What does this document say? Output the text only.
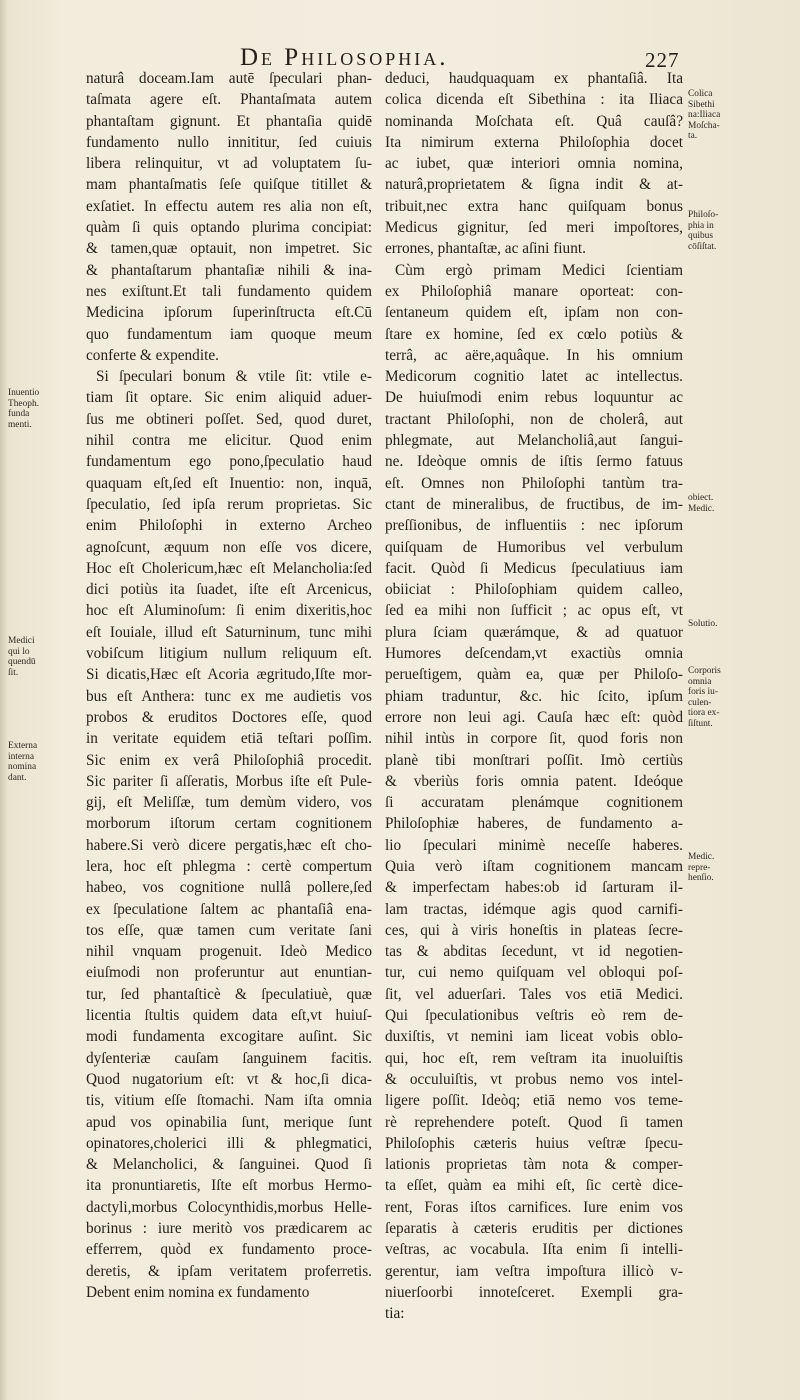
De Philosophia.	227
naturâ doceam.Iam autē ſpeculari phan-
taſmata agere eſt. Phantaſmata autem
phantaſtam gignunt. Et phantaſia quidē
fundamento nullo innititur, ſed cuiuis
libera relinquitur, vt ad voluptatem ſu-
mam phantaſmatis ſeſe quiſque titillet &
exſatiet. In effectu autem res alia non eſt,
quàm ſi quis optando plurima concipiat:
& tamen,quæ optauit, non impetret. Sic
& phantaſtarum phantaſiæ nihili & ina-
nes exiſtunt.Et tali fundamento quidem
Medicina ipſorum ſuperinſtructa eſt.Cū
quo fundamentum iam quoque meum
conferte & expendite.
Si ſpeculari bonum & vtile ſit: vtile e-
tiam ſit optare. Sic enim aliquid aduer-
ſus me obtineri poſſet. Sed, quod duret,
nihil contra me elicitur. Quod enim
fundamentum ego pono,ſpeculatio haud
quaquam eſt,ſed eſt Inuentio: non, inquā,
ſpeculatio, ſed ipſa rerum proprietas. Sic
enim Philoſophi in externo Archeo
agnoſcunt, æquum non eſſe vos dicere,
Hoc eſt Cholericum,hæc eſt Melancholia:ſed
dici potiùs ita ſuadet, iſte eſt Arcenicus,
hoc eſt Aluminoſum: ſi enim dixeritis,hoc
eſt Iouiale, illud eſt Saturninum, tunc mihi
vobiſcum litigium nullum reliquum eſt.
Si dicatis,Hæc eſt Acoria ægritudo,Iſte mor-
bus eſt Anthera: tunc ex me audietis vos
probos & eruditos Doctores eſſe, quod
in veritate equidem etiā teſtari poſſim.
Sic enim ex verâ Philoſophiâ procedit.
Sic pariter ſi aſſeratis, Morbus iſte eſt Pule-
gij, eſt Meliſſæ, tum demùm videro, vos
morborum iſtorum certam cognitionem
habere.Si verò dicere pergatis,hæc eſt cho-
lera, hoc eſt phlegma : certè compertum
habeo, vos cognitione nullâ pollere,ſed
ex ſpeculatione ſaltem ac phantaſiâ ena-
tos eſſe, quæ tamen cum veritate ſani
nihil vnquam progenuit. Ideò Medico
eiuſmodi non proferuntur aut enuntian-
tur, ſed phantaſticè & ſpeculatiuè, quæ
licentia ſtultis quidem data eſt,vt huiuſ-
modi fundamenta excogitare auſint. Sic
dyſenteriæ cauſam ſanguinem facitis.
Quod nugatorium eſt: vt & hoc,ſi dica-
tis, vitium eſſe ſtomachi. Nam iſta omnia
apud vos opinabilia ſunt, merique ſunt
opinatores,cholerici illi & phlegmatici,
& Melancholici, & ſanguinei. Quod ſi
ita pronuntiaretis, Iſte eſt morbus Hermo-
dactyli,morbus Colocynthidis,morbus Helle-
borinus : iure meritò vos prædicarem ac
efferrem, quòd ex fundamento proce-
deretis, & ipſam veritatem proferretis.
Debent enim nomina ex fundamento
deduci, haudquaquam ex phantaſiâ. Ita
colica dicenda eſt Sibethina : ita Iliaca
nominanda Moſchata eſt. Quâ cauſâ?
Ita nimirum externa Philoſophia docet
ac iubet, quæ interiori omnia nomina,
naturâ,proprietatem & ſigna indit & at-
tribuit,nec extra hanc quiſquam bonus
Medicus gignitur, ſed meri impoſtores,
errones, phantaſtæ, ac aſini fiunt.
Cùm ergò primam Medici ſcientiam
ex Philoſophiâ manare oporteat: con-
ſentaneum quidem eſt, ipſam non con-
ſtare ex homine, ſed ex cœlo potiùs &
terrâ, ac aëre,aquâque. In his omnium
Medicorum cognitio latet ac intellectus.
De huiuſmodi enim rebus loquuntur ac
tractant Philoſophi, non de cholerâ, aut
phlegmate, aut Melancholiâ,aut ſangui-
ne. Ideòque omnis de iſtis ſermo fatuus
eſt. Omnes non Philoſophi tantùm tra-
ctant de mineralibus, de fructibus, de im-
preſſionibus, de influentiis : nec ipſorum
quiſquam de Humoribus vel verbulum
facit. Quòd ſi Medicus ſpeculatiuus iam
obiiciat : Philoſophiam quidem calleo,
ſed ea mihi non ſufficit ; ac opus eſt, vt
plura ſciam quærámque, & ad quatuor
Humores deſcendam,vt exactiùs omnia
perueſtigem, quàm ea, quæ per Philoſo-
phiam traduntur, &c. hic ſcito, ipſum
errore non leui agi. Cauſa hæc eſt: quòd
nihil intùs in corpore ſit, quod foris non
planè tibi monſtrari poſſit. Imò certiùs
& vberiùs foris omnia patent. Ideóque
ſi accuratam plenámque cognitionem
Philoſophiæ haberes, de fundamento a-
lio ſpeculari minimè neceſſe haberes.
Quia verò iſtam cognitionem mancam
& imperfectam habes:ob id ſarturam il-
lam tractas, idémque agis quod carnifi-
ces, qui à viris honeſtis in plateas ſecre-
tas & abditas ſecedunt, vt id negotien-
tur, cui nemo quiſquam vel obloqui poſ-
ſit, vel aduerſari. Tales vos etiā Medici.
Qui ſpeculationibus veſtris eò rem de-
duxiſtis, vt nemini iam liceat vobis oblo-
qui, hoc eſt, rem veſtram ita inuoluiſtis
& occuluiſtis, vt probus nemo vos intel-
ligere poſſit. Ideòq; etiā nemo vos teme-
rè reprehendere poteſt. Quod ſi tamen
Philoſophis cæteris huius veſtræ ſpecu-
lationis proprietas tàm nota & comper-
ta eſſet, quàm ea mihi eſt, ſic certè dice-
rent, Foras iſtos carnifices. Iure enim vos
ſeparatis à cæteris eruditis per dictiones
veſtras, ac vocabula. Iſta enim ſi intelli-
gerentur, iam veſtra impoſtura illicò v-
niuerſoorbi innoteſceret. Exempli gra-
tia:
Inuentio
Theoph.
funda
menti.
Medici
qui lo
quendū
ſit.
Externa
interna
nomina
dant.
Colica
Sibethi
na:Iliaca
Moſcha-
ta.
Philoſo-
phia in
quibus
cōſiſtat.
obiect.
Medic.
Solutio.
Corporis
omnia
foris iu-
culen-
tiora ex-
ſiſtunt.
Medic.
repre-
henſio.
